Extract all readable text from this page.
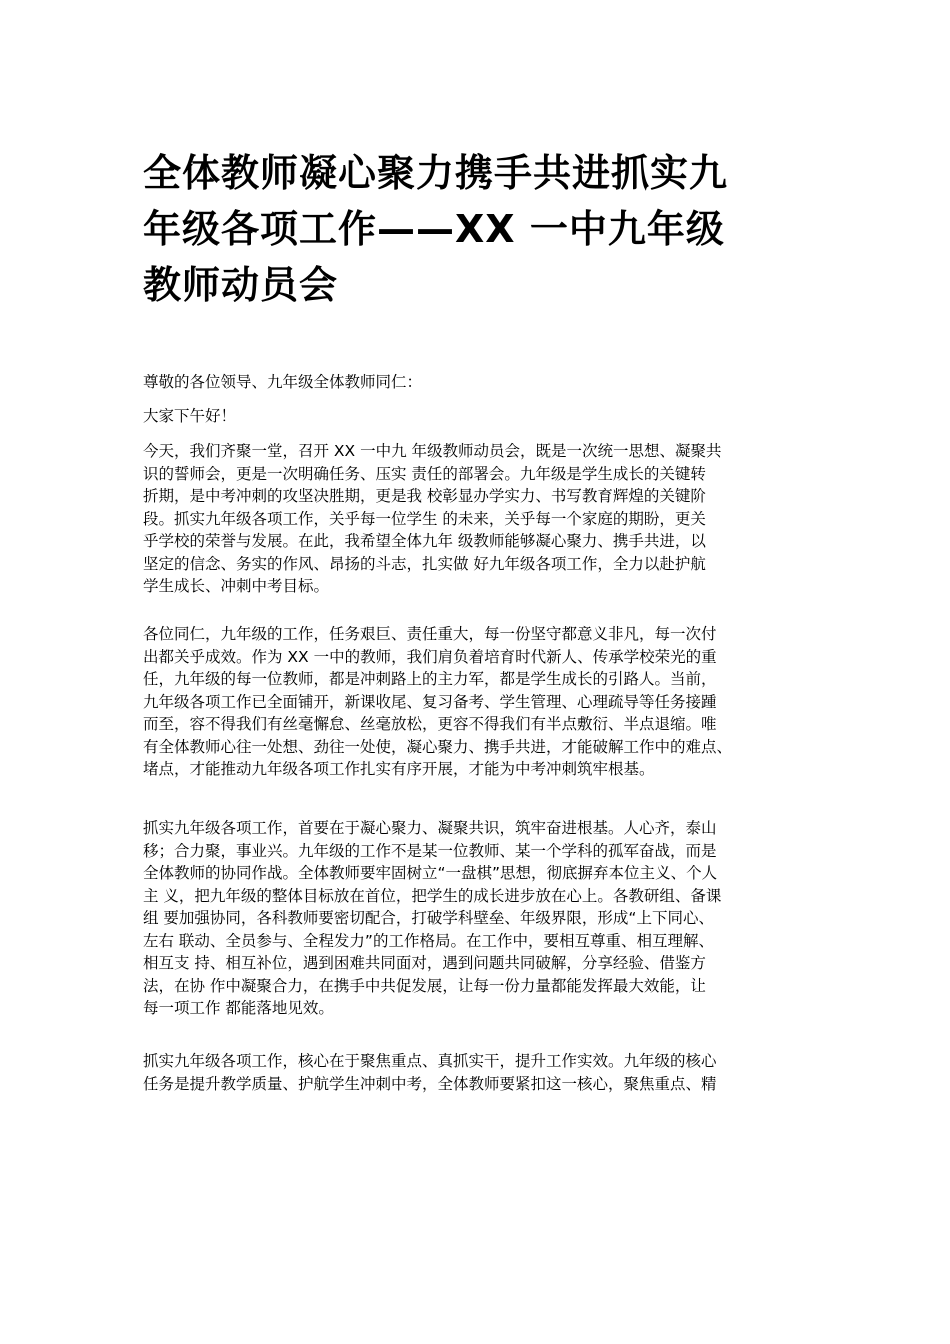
全体教师凝心聚力携手共进抓实九
年级各项工作——XX 一中九年级
教师动员会
尊敬的各位领导、九年级全体教师同仁：
大家下午好！
今天，我们齐聚一堂，召开 XX 一中九 年级教师动员会，既是一次统一思想、凝聚共
识的誓师会，更是一次明确任务、压实 责任的部署会。九年级是学生成长的关键转
折期，是中考冲刺的攻坚决胜期，更是我 校彰显办学实力、书写教育辉煌的关键阶
段。抓实九年级各项工作，关乎每一位学生 的未来，关乎每一个家庭的期盼，更关
乎学校的荣誉与发展。在此，我希望全体九年 级教师能够凝心聚力、携手共进，以
坚定的信念、务实的作风、昂扬的斗志，扎实做 好九年级各项工作，全力以赴护航
学生成长、冲刺中考目标。
各位同仁，九年级的工作，任务艰巨、责任重大，每一份坚守都意义非凡，每一次付
出都关乎成效。作为 XX 一中的教师，我们肩负着培育时代新人、传承学校荣光的重
任，九年级的每一位教师，都是冲刺路上的主力军，都是学生成长的引路人。当前，
九年级各项工作已全面铺开，新课收尾、复习备考、学生管理、心理疏导等任务接踵
而至，容不得我们有丝毫懈怠、丝毫放松，更容不得我们有半点敷衍、半点退缩。唯
有全体教师心往一处想、劲往一处使，凝心聚力、携手共进，才能破解工作中的难点、
堵点，才能推动九年级各项工作扎实有序开展，才能为中考冲刺筑牢根基。
抓实九年级各项工作，首要在于凝心聚力、凝聚共识，筑牢奋进根基。人心齐，泰山
移；合力聚，事业兴。九年级的工作不是某一位教师、某一个学科的孤军奋战，而是
全体教师的协同作战。全体教师要牢固树立“一盘棋”思想，彻底摒弃本位主义、个人
主 义，把九年级的整体目标放在首位，把学生的成长进步放在心上。各教研组、备课
组 要加强协同，各科教师要密切配合，打破学科壁垒、年级界限，形成“上下同心、
左右 联动、全员参与、全程发力”的工作格局。在工作中，要相互尊重、相互理解、
相互支 持、相互补位，遇到困难共同面对，遇到问题共同破解，分享经验、借鉴方
法，在协 作中凝聚合力，在携手中共促发展，让每一份力量都能发挥最大效能，让
每一项工作 都能落地见效。
抓实九年级各项工作，核心在于聚焦重点、真抓实干，提升工作实效。九年级的核心
任务是提升教学质量、护航学生冲刺中考，全体教师要紧扣这一核心，聚焦重点、精
